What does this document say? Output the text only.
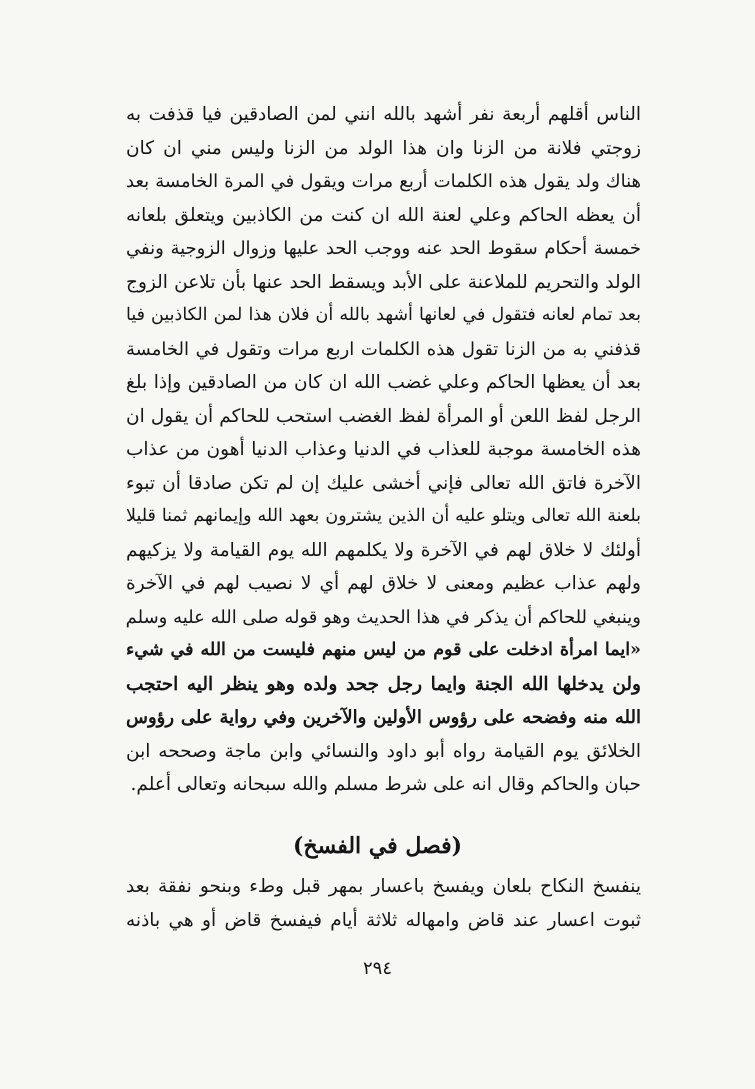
الناس أقلهم أربعة نفر أشهد بالله انني لمن الصادقين فيا قذفت به
زوجتي فلانة من الزنا وان هذا الولد من الزنا وليس مني ان كان
هناك ولد يقول هذه الكلمات أربع مرات ويقول في المرة الخامسة بعد
أن يعظه الحاكم وعلي لعنة الله ان كنت من الكاذبين ويتعلق بلعانه
خمسة أحكام سقوط الحد عنه ووجب الحد عليها وزوال الزوجية ونفي
الولد والتحريم للملاعنة على الأبد ويسقط الحد عنها بأن تلاعن الزوج
بعد تمام لعانه فتقول في لعانها أشهد بالله أن فلان هذا لمن الكاذبين فيا
قذفني به من الزنا تقول هذه الكلمات اربع مرات وتقول في الخامسة
بعد أن يعظها الحاكم وعلي غضب الله ان كان من الصادقين وإذا بلغ
الرجل لفظ اللعن أو المرأة لفظ الغضب استحب للحاكم أن يقول ان
هذه الخامسة موجبة للعذاب في الدنيا وعذاب الدنيا أهون من عذاب
الآخرة فاتق الله تعالى فإني أخشى عليك إن لم تكن صادقا أن تبوء
بلعنة الله تعالى ويتلو عليه أن الذين يشترون بعهد الله وإيمانهم ثمنا قليلا
أولئك لا خلاق لهم في الآخرة ولا يكلمهم الله يوم القيامة ولا يزكيهم
ولهم عذاب عظيم ومعنى لا خلاق لهم أي لا نصيب لهم في الآخرة
وينبغي للحاكم أن يذكر في هذا الحديث وهو قوله صلى الله عليه وسلم
«ايما امرأة ادخلت على قوم من ليس منهم فليست من الله في شيء
ولن يدخلها الله الجنة وايما رجل جحد ولده وهو ينظر اليه احتجب
الله منه وفضحه على رؤوس الأولين والآخرين وفي رواية على رؤوس
الخلائق يوم القيامة رواه أبو داود والنسائي وابن ماجة وصححه ابن
حبان والحاكم وقال انه على شرط مسلم والله سبحانه وتعالى أعلم.
(فصل في الفسخ)
ينفسخ النكاح بلعان ويفسخ باعسار بمهر قبل وطء وبنحو نفقة بعد
ثبوت اعسار عند قاض وامهاله ثلاثة أيام فيفسخ قاض أو هي باذنه
٢٩٤
